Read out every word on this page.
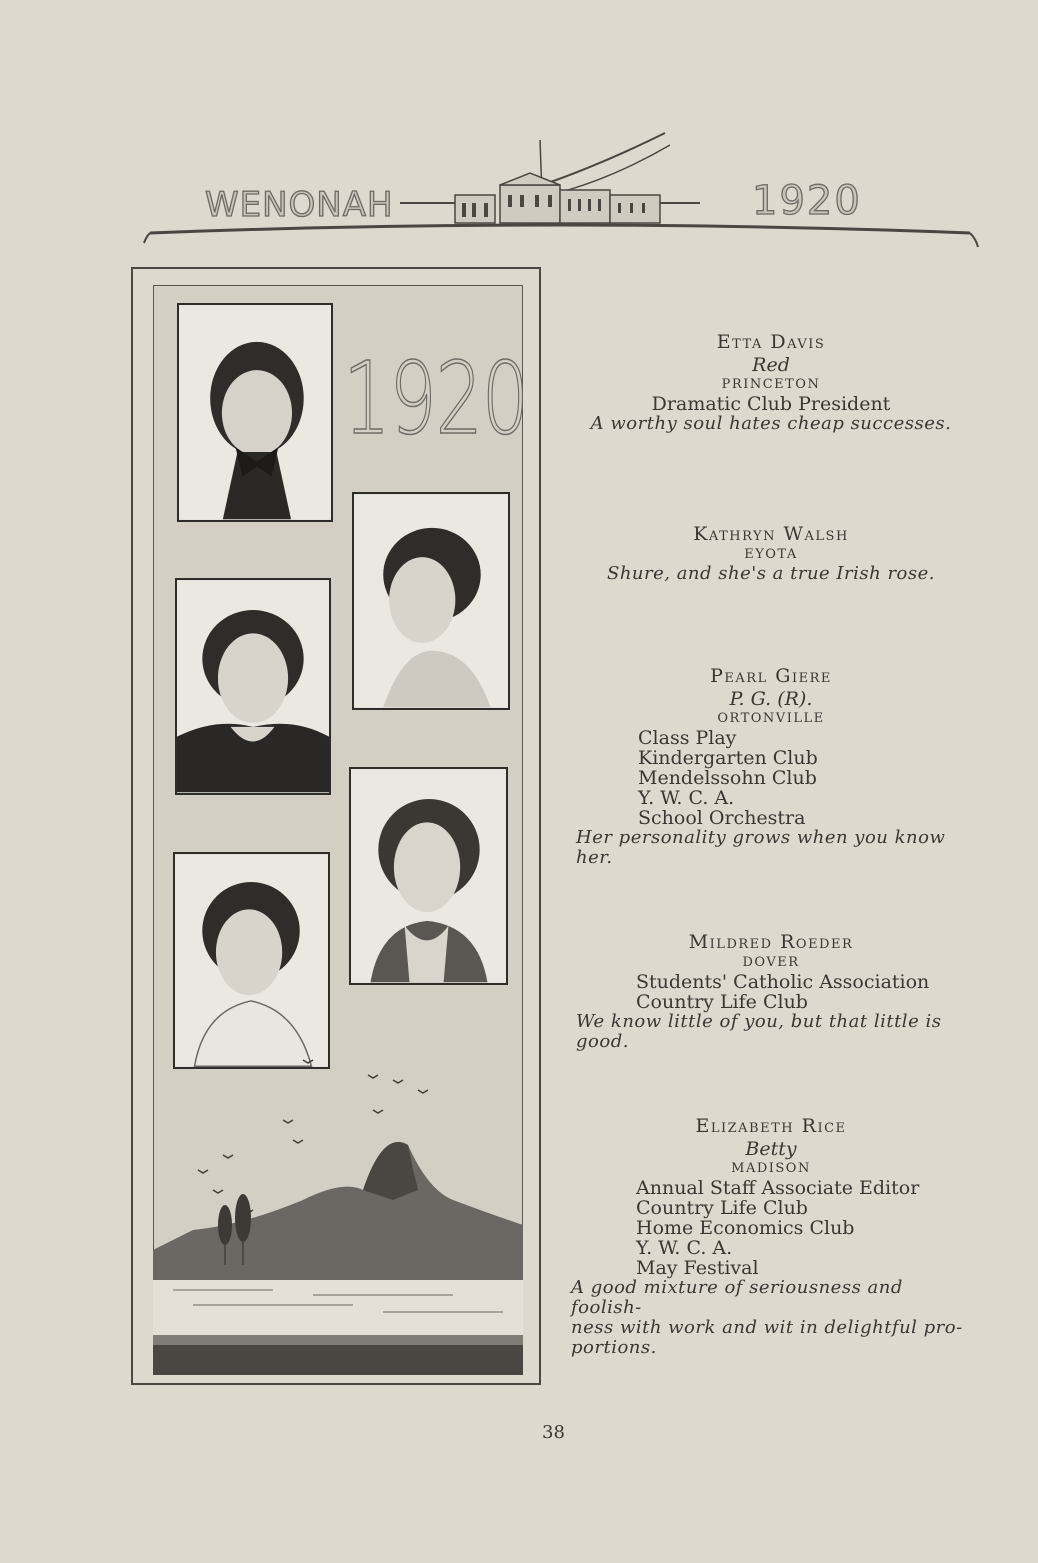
WENONAH	1920
1920	Etta Davis
Red
PRINCETON
Dramatic Club President
A worthy soul hates cheap successes.
Kathryn Walsh
EYOTA
Shure, and she's a true Irish rose.
Pearl Giere
P. G. (R).
ORTONVILLE
Class Play
Kindergarten Club
Mendelssohn Club
Y. W. C. A.
School Orchestra
Her personality grows when you know her.
Mildred Roeder
DOVER
Students' Catholic Association
Country Life Club
We know little of you, but that little is good.
Elizabeth Rice
Betty
MADISON
Annual Staff Associate Editor
Country Life Club
Home Economics Club
Y. W. C. A.
May Festival
A good mixture of seriousness and foolish-
ness with work and wit in delightful pro-
portions.
38
